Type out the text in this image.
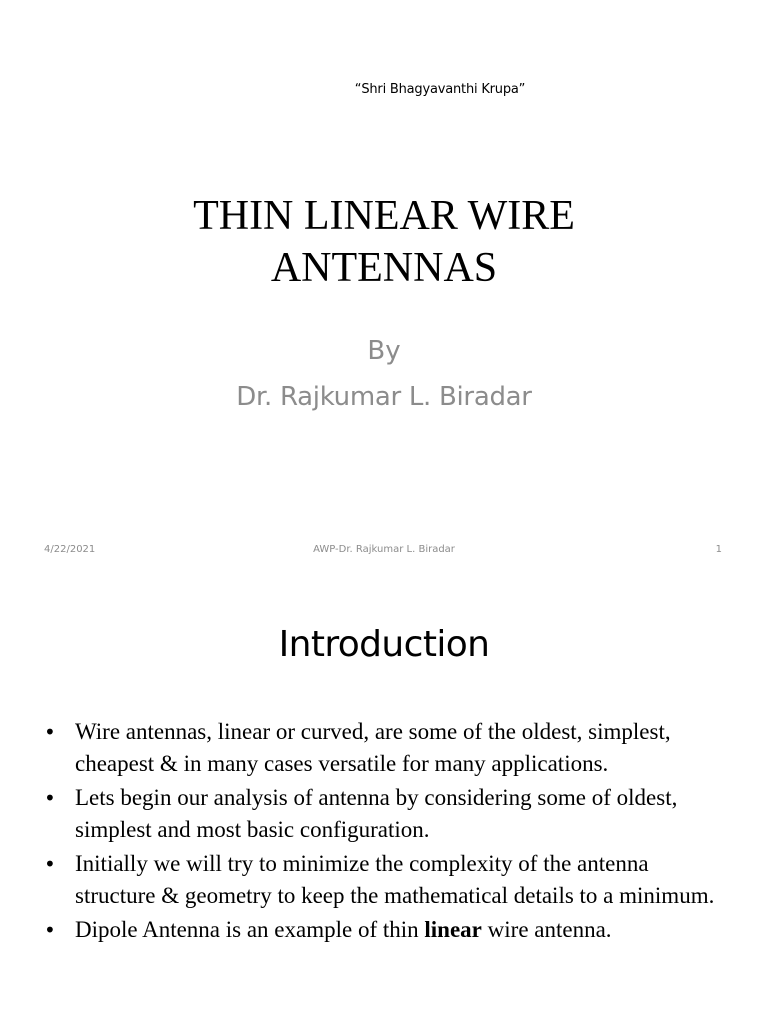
“Shri Bhagyavanthi Krupa”
THIN LINEAR WIRE
ANTENNAS
By
Dr. Rajkumar L. Biradar
4/22/2021	AWP-Dr. Rajkumar L. Biradar	1
Introduction
• Wire antennas, linear or curved, are some of the oldest, simplest, cheapest & in many cases versatile for many applications.
• Lets begin our analysis of antenna by considering some of oldest, simplest and most basic configuration.
• Initially we will try to minimize the complexity of the antenna structure & geometry to keep the mathematical details to a minimum.
• Dipole Antenna is an example of thin linear wire antenna.
